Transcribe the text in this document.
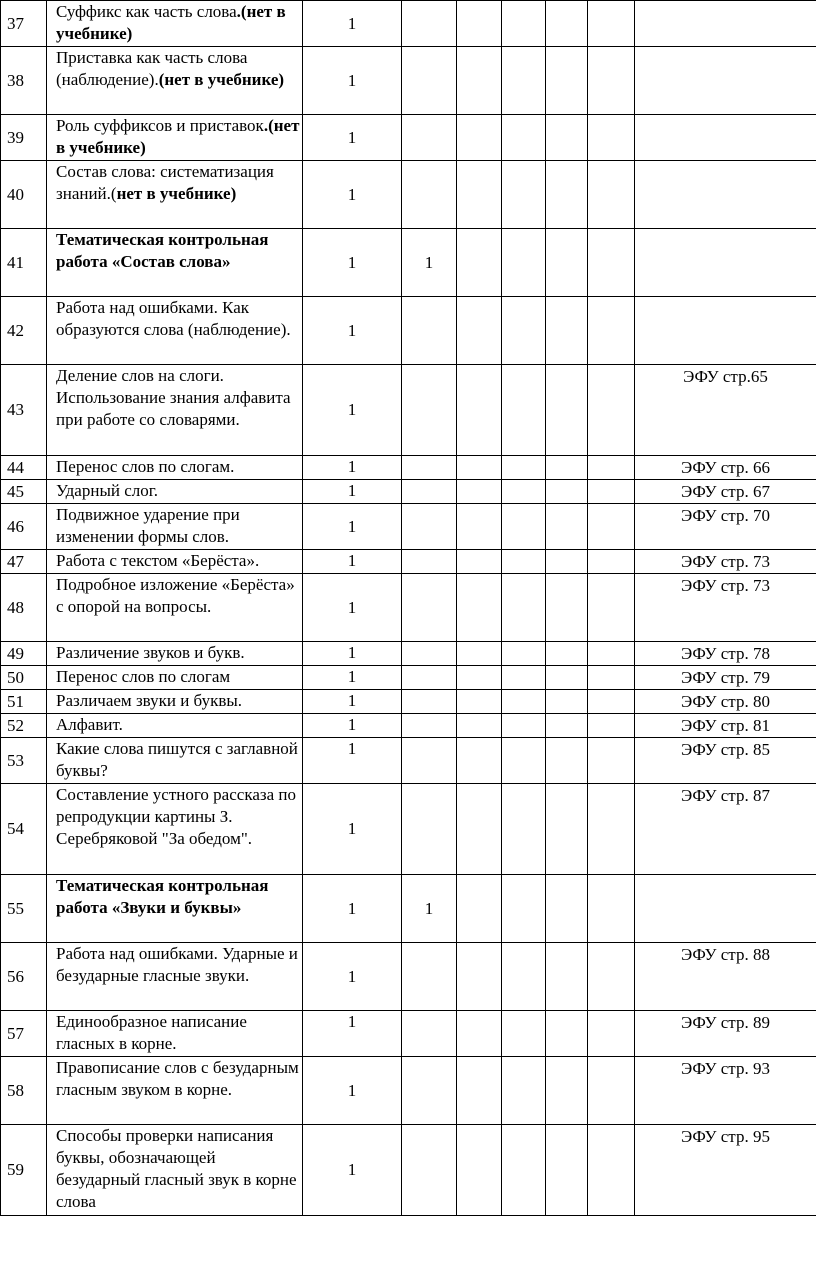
37	Суффикс как часть слова.(нет в учебнике)	1						
38	Приставка как часть слова (наблюдение).(нет в учебнике)	1						
39	Роль суффиксов и приставок.(нет в учебнике)	1						
40	Состав слова: систематизация знаний.(нет в учебнике)	1						
41	Тематическая контрольная работа «Состав слова»	1	1					
42	Работа над ошибками. Как образуются слова (наблюдение).	1						
43	Деление слов на слоги. Использование знания алфавита при работе со словарями.	1						ЭФУ стр.65
44	Перенос слов по слогам.	1						ЭФУ стр. 66
45	Ударный слог.	1						ЭФУ стр. 67
46	Подвижное ударение при изменении формы слов.	1						ЭФУ стр. 70
47	Работа с текстом «Берёста».	1						ЭФУ стр. 73
48	Подробное изложение «Берёста» с опорой на вопросы.	1						ЭФУ стр. 73
49	Различение звуков и букв.	1						ЭФУ стр. 78
50	Перенос слов по слогам	1						ЭФУ стр. 79
51	Различаем звуки и буквы.	1						ЭФУ стр. 80
52	Алфавит.	1						ЭФУ стр. 81
53	Какие слова пишутся с заглавной буквы?	1						ЭФУ стр. 85
54	Составление устного рассказа по репродукции картины З. Серебряковой "За обедом".	1						ЭФУ стр. 87
55	Тематическая контрольная работа «Звуки и буквы»	1	1					
56	Работа над ошибками. Ударные и безударные гласные звуки.	1						ЭФУ стр. 88
57	Единообразное написание гласных в корне.	1						ЭФУ стр. 89
58	Правописание слов с безударным гласным звуком в корне.	1						ЭФУ стр. 93
59	Способы проверки написания буквы, обозначающей безударный гласный звук в корне слова	1						ЭФУ стр. 95
